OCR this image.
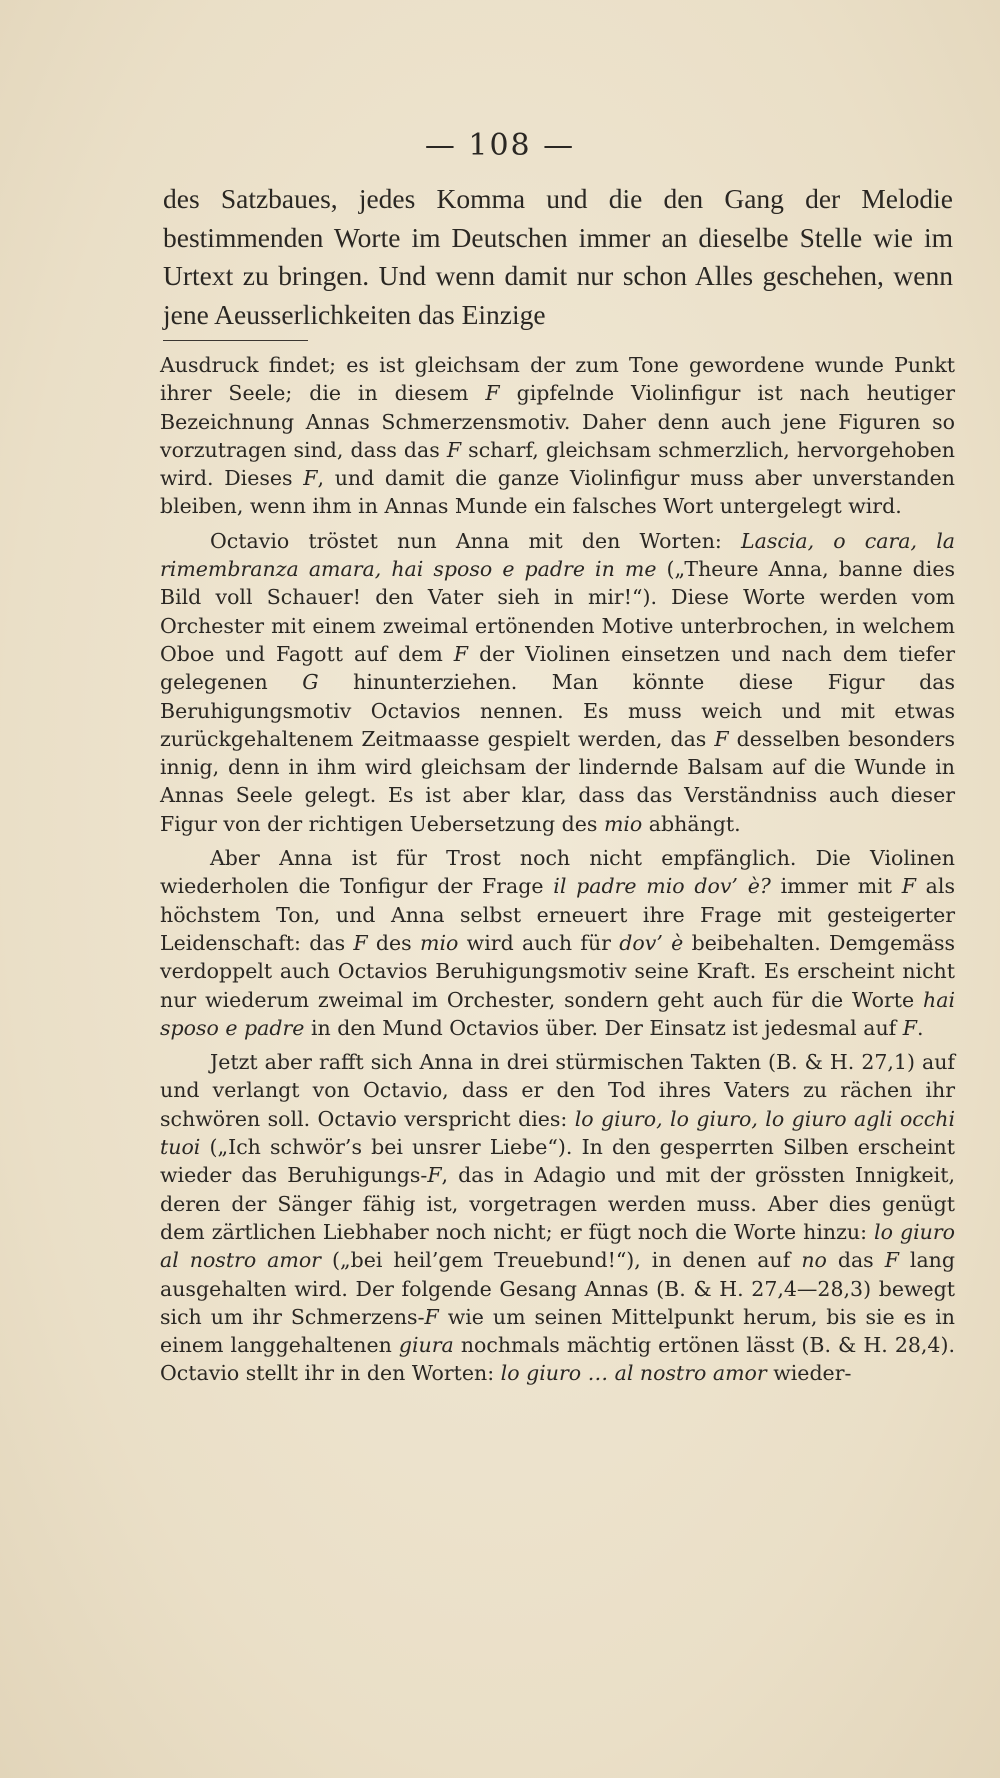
— 108 —

des Satzbaues, jedes Komma und die den Gang der Melodie bestimmenden Worte im Deutschen immer an dieselbe Stelle wie im Urtext zu bringen. Und wenn damit nur schon Alles geschehen, wenn jene Aeusserlichkeiten das Einzige

Ausdruck findet; es ist gleichsam der zum Tone gewordene wunde Punkt ihrer Seele; die in diesem F gipfelnde Violinfigur ist nach heutiger Bezeichnung Annas Schmerzensmotiv. Daher denn auch jene Figuren so vorzutragen sind, dass das F scharf, gleichsam schmerzlich, hervorgehoben wird. Dieses F, und damit die ganze Violinfigur muss aber unverstanden bleiben, wenn ihm in Annas Munde ein falsches Wort untergelegt wird.

Octavio tröstet nun Anna mit den Worten: Lascia, o cara, la rimembranza amara, hai sposo e padre in me („Theure Anna, banne dies Bild voll Schauer! den Vater sieh in mir!“). Diese Worte werden vom Orchester mit einem zweimal ertönenden Motive unterbrochen, in welchem Oboe und Fagott auf dem F der Violinen einsetzen und nach dem tiefer gelegenen G hinunterziehen. Man könnte diese Figur das Beruhigungsmotiv Octavios nennen. Es muss weich und mit etwas zurückgehaltenem Zeitmaasse gespielt werden, das F desselben besonders innig, denn in ihm wird gleichsam der lindernde Balsam auf die Wunde in Annas Seele gelegt. Es ist aber klar, dass das Verständniss auch dieser Figur von der richtigen Uebersetzung des mio abhängt.

Aber Anna ist für Trost noch nicht empfänglich. Die Violinen wiederholen die Tonfigur der Frage il padre mio dov’ è? immer mit F als höchstem Ton, und Anna selbst erneuert ihre Frage mit gesteigerter Leidenschaft: das F des mio wird auch für dov’ è beibehalten. Demgemäss verdoppelt auch Octavios Beruhigungsmotiv seine Kraft. Es erscheint nicht nur wiederum zweimal im Orchester, sondern geht auch für die Worte hai sposo e padre in den Mund Octavios über. Der Einsatz ist jedesmal auf F.

Jetzt aber rafft sich Anna in drei stürmischen Takten (B. & H. 27,1) auf und verlangt von Octavio, dass er den Tod ihres Vaters zu rächen ihr schwören soll. Octavio verspricht dies: lo giuro, lo giuro, lo giuro agli occhi tuoi („Ich schwör’s bei unsrer Liebe“). In den gesperrten Silben erscheint wieder das Beruhigungs-F, das in Adagio und mit der grössten Innigkeit, deren der Sänger fähig ist, vorgetragen werden muss. Aber dies genügt dem zärtlichen Liebhaber noch nicht; er fügt noch die Worte hinzu: lo giuro al nostro amor („bei heil’gem Treuebund!“), in denen auf no das F lang ausgehalten wird. Der folgende Gesang Annas (B. & H. 27,4—28,3) bewegt sich um ihr Schmerzens-F wie um seinen Mittelpunkt herum, bis sie es in einem langgehaltenen giura nochmals mächtig ertönen lässt (B. & H. 28,4). Octavio stellt ihr in den Worten: lo giuro … al nostro amor wieder-
